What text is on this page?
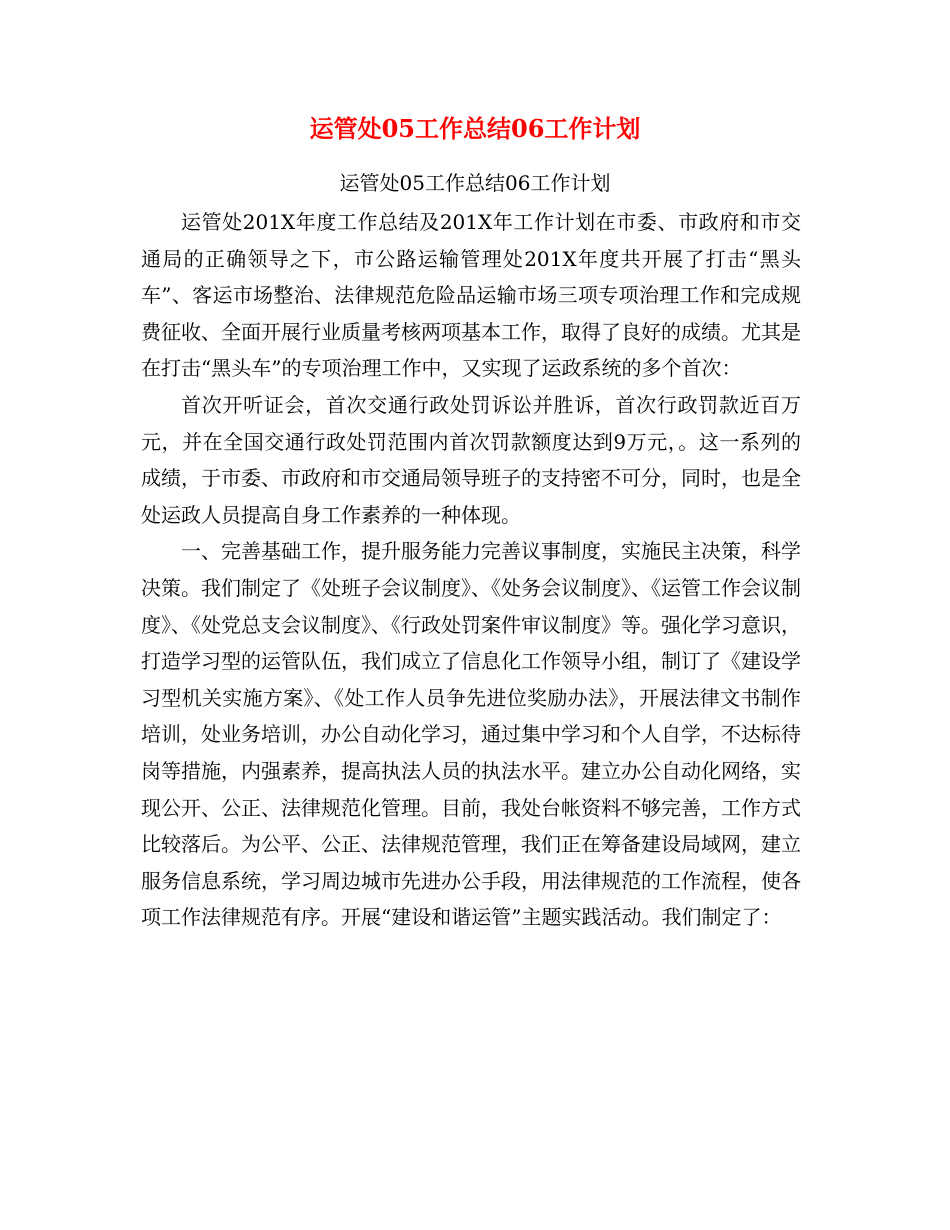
运管处05工作总结06工作计划
运管处05工作总结06工作计划

运管处201X年度工作总结及201X年工作计划在市委、市政府和市交通局的正确领导之下，市公路运输管理处201X年度共开展了打击“黑头车”、客运市场整治、法律规范危险品运输市场三项专项治理工作和完成规费征收、全面开展行业质量考核两项基本工作，取得了良好的成绩。尤其是在打击“黑头车”的专项治理工作中，又实现了运政系统的多个首次：

首次开听证会，首次交通行政处罚诉讼并胜诉，首次行政罚款近百万元，并在全国交通行政处罚范围内首次罚款额度达到9万元，。这一系列的成绩，于市委、市政府和市交通局领导班子的支持密不可分，同时，也是全处运政人员提高自身工作素养的一种体现。

一、完善基础工作，提升服务能力完善议事制度，实施民主决策，科学决策。我们制定了《处班子会议制度》、《处务会议制度》、《运管工作会议制度》、《处党总支会议制度》、《行政处罚案件审议制度》等。强化学习意识，打造学习型的运管队伍，我们成立了信息化工作领导小组，制订了《建设学习型机关实施方案》、《处工作人员争先进位奖励办法》，开展法律文书制作培训，处业务培训，办公自动化学习，通过集中学习和个人自学，不达标待岗等措施，内强素养，提高执法人员的执法水平。建立办公自动化网络，实现公开、公正、法律规范化管理。目前，我处台帐资料不够完善，工作方式比较落后。为公平、公正、法律规范管理，我们正在筹备建设局域网，建立服务信息系统，学习周边城市先进办公手段，用法律规范的工作流程，使各项工作法律规范有序。开展“建设和谐运管”主题实践活动。我们制定了：
